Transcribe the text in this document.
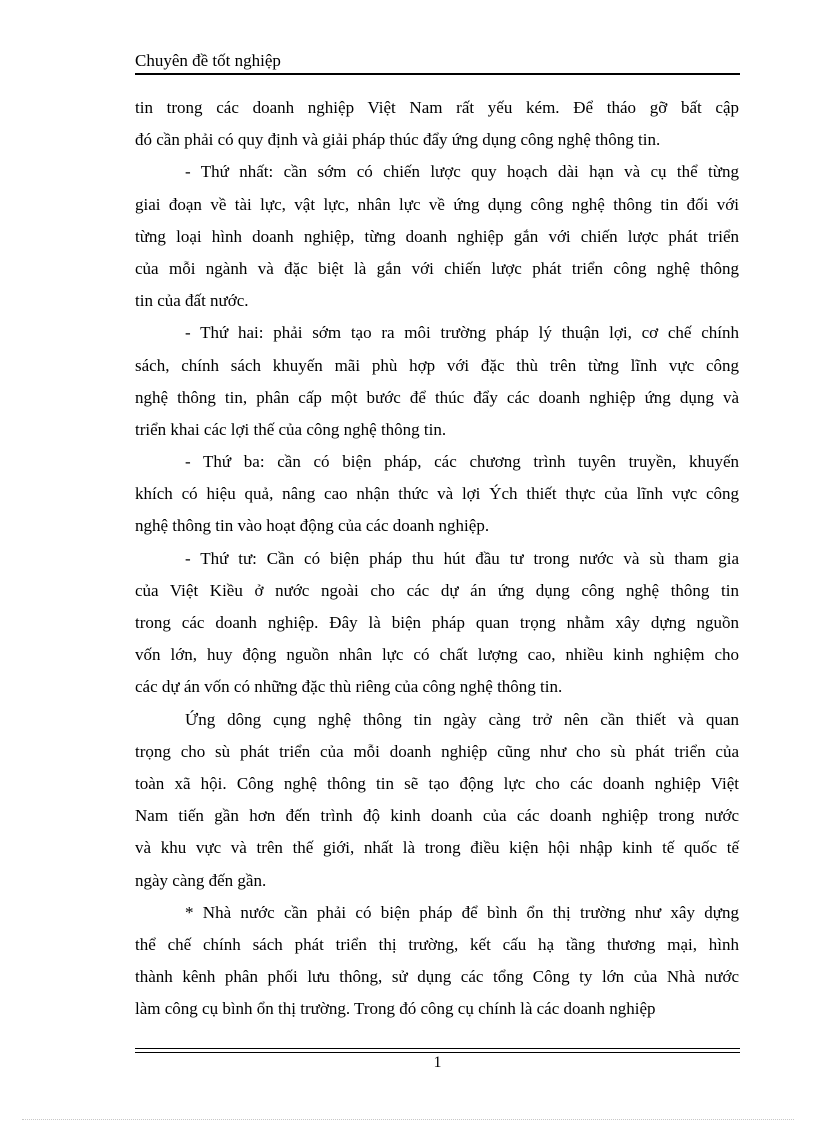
Chuyên đề tốt nghiệp
tin trong các doanh nghiệp Việt Nam rất yếu kém. Để tháo gỡ bất cập
đó cần phải có quy định và giải pháp thúc đẩy ứng dụng công nghệ thông tin.
- Thứ nhất: cần sớm có chiến lược quy hoạch dài hạn và cụ thể từng
giai đoạn về tài lực, vật lực, nhân lực về ứng dụng công nghệ thông tin đối với
từng loại hình doanh nghiệp, từng doanh nghiệp gắn với chiến lược phát triển
của mỗi ngành và đặc biệt là gắn với chiến lược phát triển công nghệ thông
tin của đất nước.
- Thứ hai: phải sớm tạo ra môi trường pháp lý thuận lợi, cơ chế chính
sách, chính sách khuyến mãi phù hợp với đặc thù trên từng lĩnh vực công
nghệ thông tin, phân cấp một bước để thúc đẩy các doanh nghiệp ứng dụng và
triển khai các lợi thế của công nghệ thông tin.
- Thứ ba: cần có biện pháp, các chương trình tuyên truyền, khuyến
khích có hiệu quả, nâng cao nhận thức và lợi Ých thiết thực của lĩnh vực công
nghệ thông tin vào hoạt động của các doanh nghiệp.
- Thứ tư: Cần có biện pháp thu hút đầu tư trong nước và sù tham gia
của Việt Kiều ở nước ngoài cho các dự án ứng dụng công nghệ thông tin
trong các doanh nghiệp. Đây là biện pháp quan trọng nhằm xây dựng nguồn
vốn lớn, huy động nguồn nhân lực có chất lượng cao, nhiều kinh nghiệm cho
các dự án vốn có những đặc thù riêng của công nghệ thông tin.
Ứng dông cụng nghệ thông tin ngày càng trở nên cần thiết và quan
trọng cho sù phát triển của mỗi doanh nghiệp cũng như cho sù phát triển của
toàn xã hội. Công nghệ thông tin sẽ tạo động lực cho các doanh nghiệp Việt
Nam tiến gần hơn đến trình độ kinh doanh của các doanh nghiệp trong nước
và khu vực và trên thế giới, nhất là trong điều kiện hội nhập kinh tế quốc tế
ngày càng đến gần.
* Nhà nước cần phải có biện pháp để bình ổn thị trường như xây dựng
thể chế chính sách phát triển thị trường, kết cấu hạ tầng thương mại, hình
thành kênh phân phối lưu thông, sử dụng các tổng Công ty lớn của Nhà nước
làm công cụ bình ổn thị trường. Trong đó công cụ chính là các doanh nghiệp
1
